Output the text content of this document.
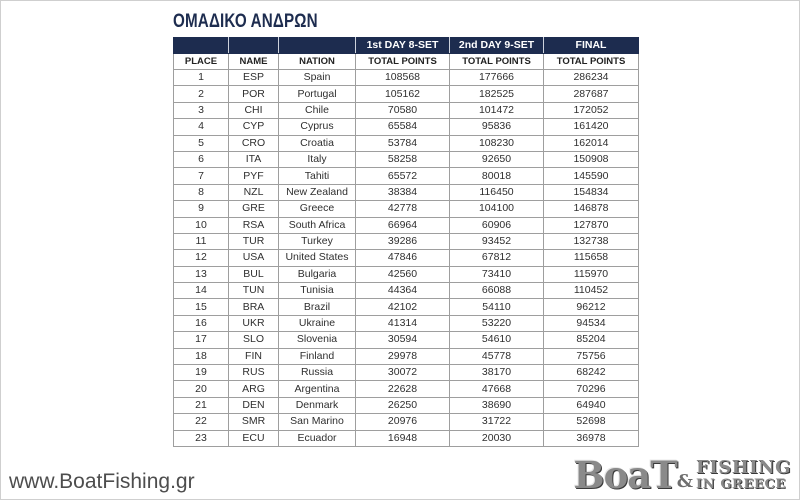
ΟΜΑΔΙΚΟ ΑΝΔΡΩΝ
			1st DAY 8-SET	2nd DAY 9-SET	FINAL
PLACE	NAME	NATION	TOTAL POINTS	TOTAL POINTS	TOTAL POINTS
1	ESP	Spain	108568	177666	286234
2	POR	Portugal	105162	182525	287687
3	CHI	Chile	70580	101472	172052
4	CYP	Cyprus	65584	95836	161420
5	CRO	Croatia	53784	108230	162014
6	ITA	Italy	58258	92650	150908
7	PYF	Tahiti	65572	80018	145590
8	NZL	New Zealand	38384	116450	154834
9	GRE	Greece	42778	104100	146878
10	RSA	South Africa	66964	60906	127870
11	TUR	Turkey	39286	93452	132738
12	USA	United States	47846	67812	115658
13	BUL	Bulgaria	42560	73410	115970
14	TUN	Tunisia	44364	66088	110452
15	BRA	Brazil	42102	54110	96212
16	UKR	Ukraine	41314	53220	94534
17	SLO	Slovenia	30594	54610	85204
18	FIN	Finland	29978	45778	75756
19	RUS	Russia	30072	38170	68242
20	ARG	Argentina	22628	47668	70296
21	DEN	Denmark	26250	38690	64940
22	SMR	San Marino	20976	31722	52698
23	ECU	Ecuador	16948	20030	36978
www.BoatFishing.gr	BoaT &
FISHING
IN GREECE
